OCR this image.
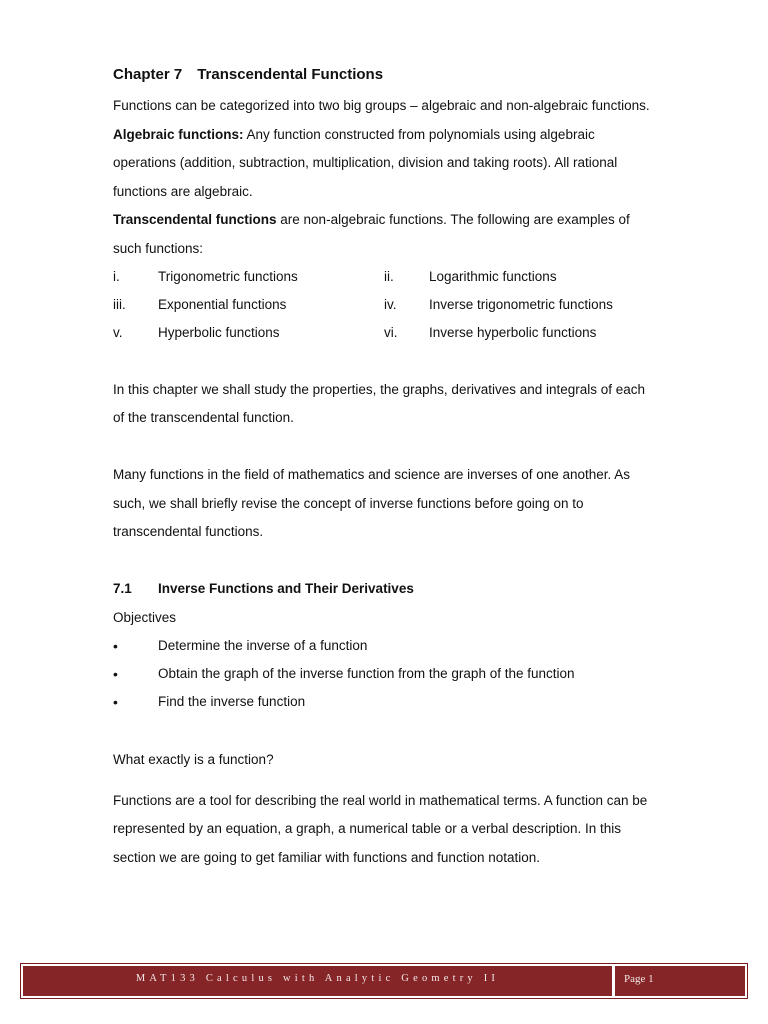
Chapter 7 Transcendental Functions

Functions can be categorized into two big groups – algebraic and non-algebraic functions. Algebraic functions: Any function constructed from polynomials using algebraic operations (addition, subtraction, multiplication, division and taking roots). All rational functions are algebraic.

Transcendental functions are non-algebraic functions. The following are examples of such functions:

i.	Trigonometric functions	ii.	Logarithmic functions
iii.	Exponential functions	iv.	Inverse trigonometric functions
v.	Hyperbolic functions	vi.	Inverse hyperbolic functions

In this chapter we shall study the properties, the graphs, derivatives and integrals of each of the transcendental function.

Many functions in the field of mathematics and science are inverses of one another. As such, we shall briefly revise the concept of inverse functions before going on to transcendental functions.

7.1	Inverse Functions and Their Derivatives

Objectives

•	Determine the inverse of a function
•	Obtain the graph of the inverse function from the graph of the function
•	Find the inverse function

What exactly is a function?

Functions are a tool for describing the real world in mathematical terms. A function can be represented by an equation, a graph, a numerical table or a verbal description. In this section we are going to get familiar with functions and function notation.

MAT133 Calculus with Analytic Geometry II	Page 1
